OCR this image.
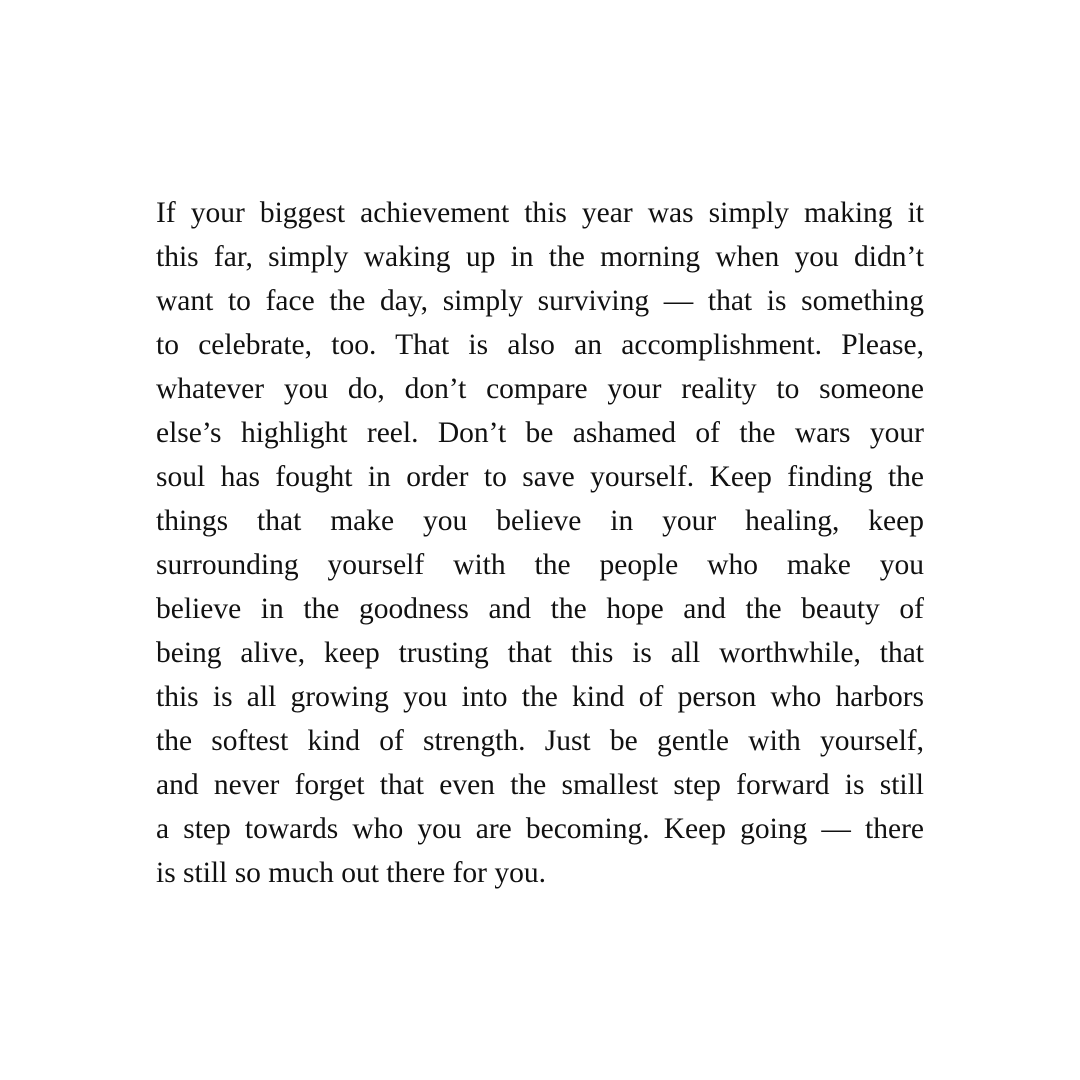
If your biggest achievement this year was simply making it
this far, simply waking up in the morning when you didn’t
want to face the day, simply surviving — that is something
to celebrate, too. That is also an accomplishment. Please,
whatever you do, don’t compare your reality to someone
else’s highlight reel. Don’t be ashamed of the wars your
soul has fought in order to save yourself. Keep finding the
things that make you believe in your healing, keep
surrounding yourself with the people who make you
believe in the goodness and the hope and the beauty of
being alive, keep trusting that this is all worthwhile, that
this is all growing you into the kind of person who harbors
the softest kind of strength. Just be gentle with yourself,
and never forget that even the smallest step forward is still
a step towards who you are becoming. Keep going — there
is still so much out there for you.
